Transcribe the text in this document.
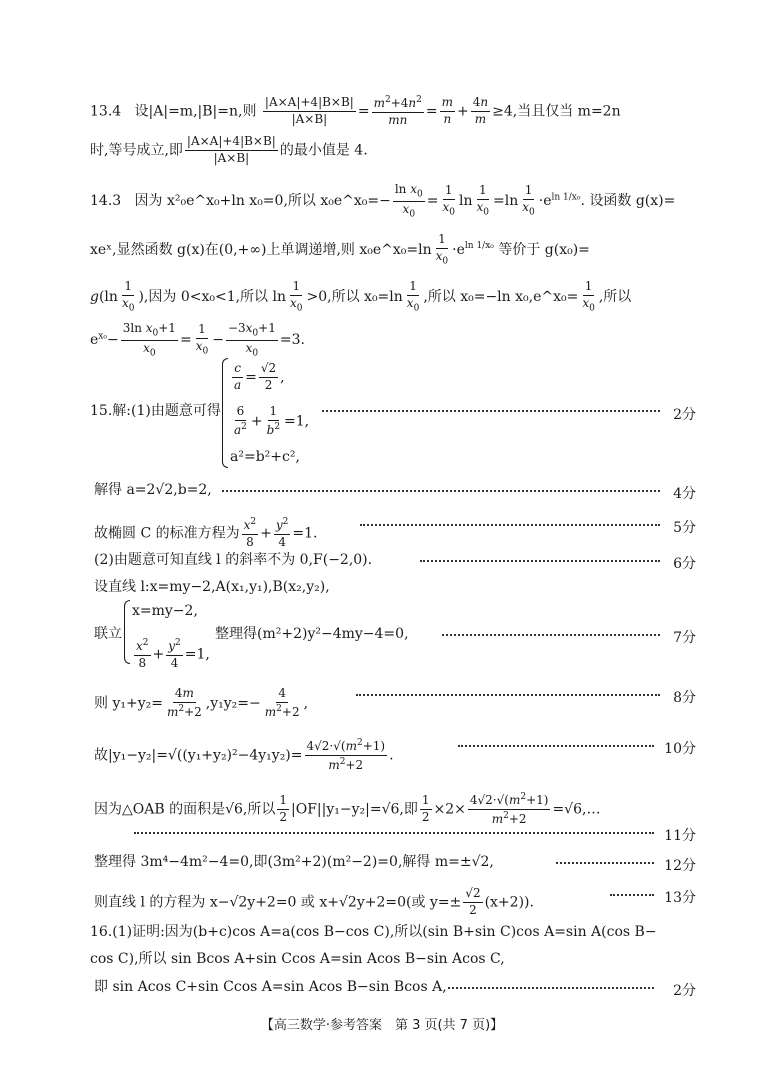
13.4 设|A|=m,|B|=n,则 $\frac{|A\times A|+4|B\times B|}{|A\times B|} = \frac{m^2+4n^2}{mn} = \frac{m}{n} + \frac{4n}{m} \ge 4$,当且仅当 m=2n
时,等号成立,即 $\frac{|A\times A|+4|B\times B|}{|A\times B|}$ 的最小值是 4.
14.3 因为 x²₀e^x₀+ln x₀=0,所以 x₀e^x₀=− $\frac{\ln x_0}{x_0} = \frac{1}{x_0}$ $\ln \frac{1}{x_0} =\ln \frac{1}{x_0} \cdot e^{ln 1/x_0}$. 设函数 g(x)=
xeˣ,显然函数 g(x)在(0,+∞)上单调递增,则 x₀e^x₀=ln $\frac{1}{x_0} \cdot e^{ln 1/x_0}$ 等价于 g(x₀)=
$g(\ln \frac{1}{x_0}$ ),因为 0<x₀<1,所以 $\ln \frac{1}{x_0} >0$,所以 $x_0=\ln \frac{1}{x_0}$ ,所以 x₀=−ln x₀,e^x₀= $\frac{1}{x_0}$ ,所以
$e^{x_0}- \frac{3\ln x_0+1}{x_0} = \frac{1}{x_0} - \frac{-3x_0+1}{x_0} =3$.
15.解:(1)由题意可得
$\frac{c}{a} = \frac{√2}{2}$ ,
$\frac{6}{a^2} + \frac{1}{b^2} =1$,
a²=b²+c²,
2分
解得 a=2√2,b=2,	4分
故椭圆 C 的标准方程为 $\frac{x^2}{8} + \frac{y^2}{4} =1$.	5分
(2)由题意可知直线 l 的斜率不为 0,F(−2,0).	6分
设直线 l:x=my−2,A(x₁,y₁),B(x₂,y₂),
联立
x=my−2,
$\frac{x^2}{8} + \frac{y^2}{4} =1$,
整理得(m²+2)y²−4my−4=0,	7分
则 $y_1+y_2= \frac{4m}{m^2+2} ,y_1y_2=- \frac{4}{m^2+2}$ ,	8分
故$|y_1-y_2|=√((y_1+y_2)^2-4y_1y_2)= \frac{4√2\cdot√(m^2+1)}{m^2+2}$ .	10分
因为△OAB 的面积是√6,所以 $\frac{1}{2} |OF||y_1-y_2|=√6$,即 $\frac{1}{2} \times 2\times \frac{4√2\cdot√(m^2+1)}{m^2+2}$ =√6,…
11分
整理得 3m⁴−4m²−4=0,即(3m²+2)(m²−2)=0,解得 m=±√2,	12分
则直线 l 的方程为 x−√2y+2=0 或 x+√2y+2=0(或 $y=\pm \frac{√2}{2} (x+2)$).	13分
16.(1)证明:因为(b+c)cos A=a(cos B−cos C),所以(sin B+sin C)cos A=sin A(cos B−
cos C),所以 sin Bcos A+sin Ccos A=sin Acos B−sin Acos C,
即 sin Acos C+sin Ccos A=sin Acos B−sin Bcos A,	2分
【高三数学·参考答案　第 3 页(共 7 页)】
